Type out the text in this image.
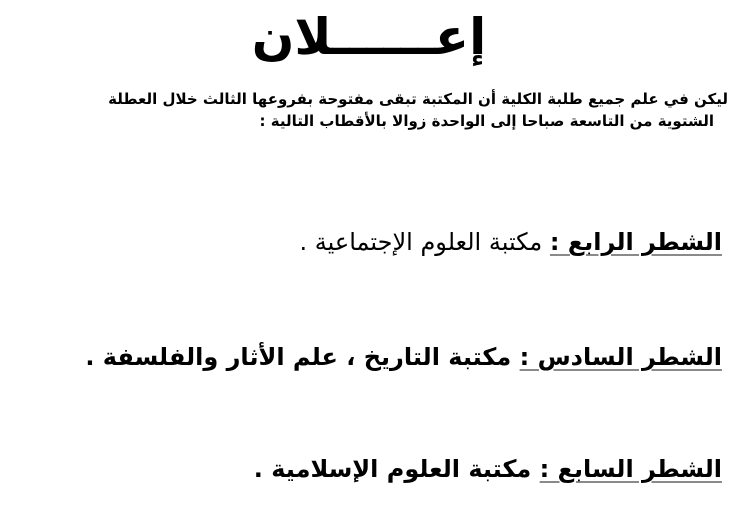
إعــــــلان

ليكن في علم جميع طلبة الكلية أن المكتبة تبقى مفتوحة بفروعها الثالث خلال العطلة

الشتوية من التاسعة صباحا إلى الواحدة زوالا بالأقطاب التالية :

الشطر الرابع : مكتبة العلوم الإجتماعية .
الشطر السادس : مكتبة التاريخ ، علم الأثار والفلسفة .
الشطر السابع : مكتبة العلوم الإسلامية .
